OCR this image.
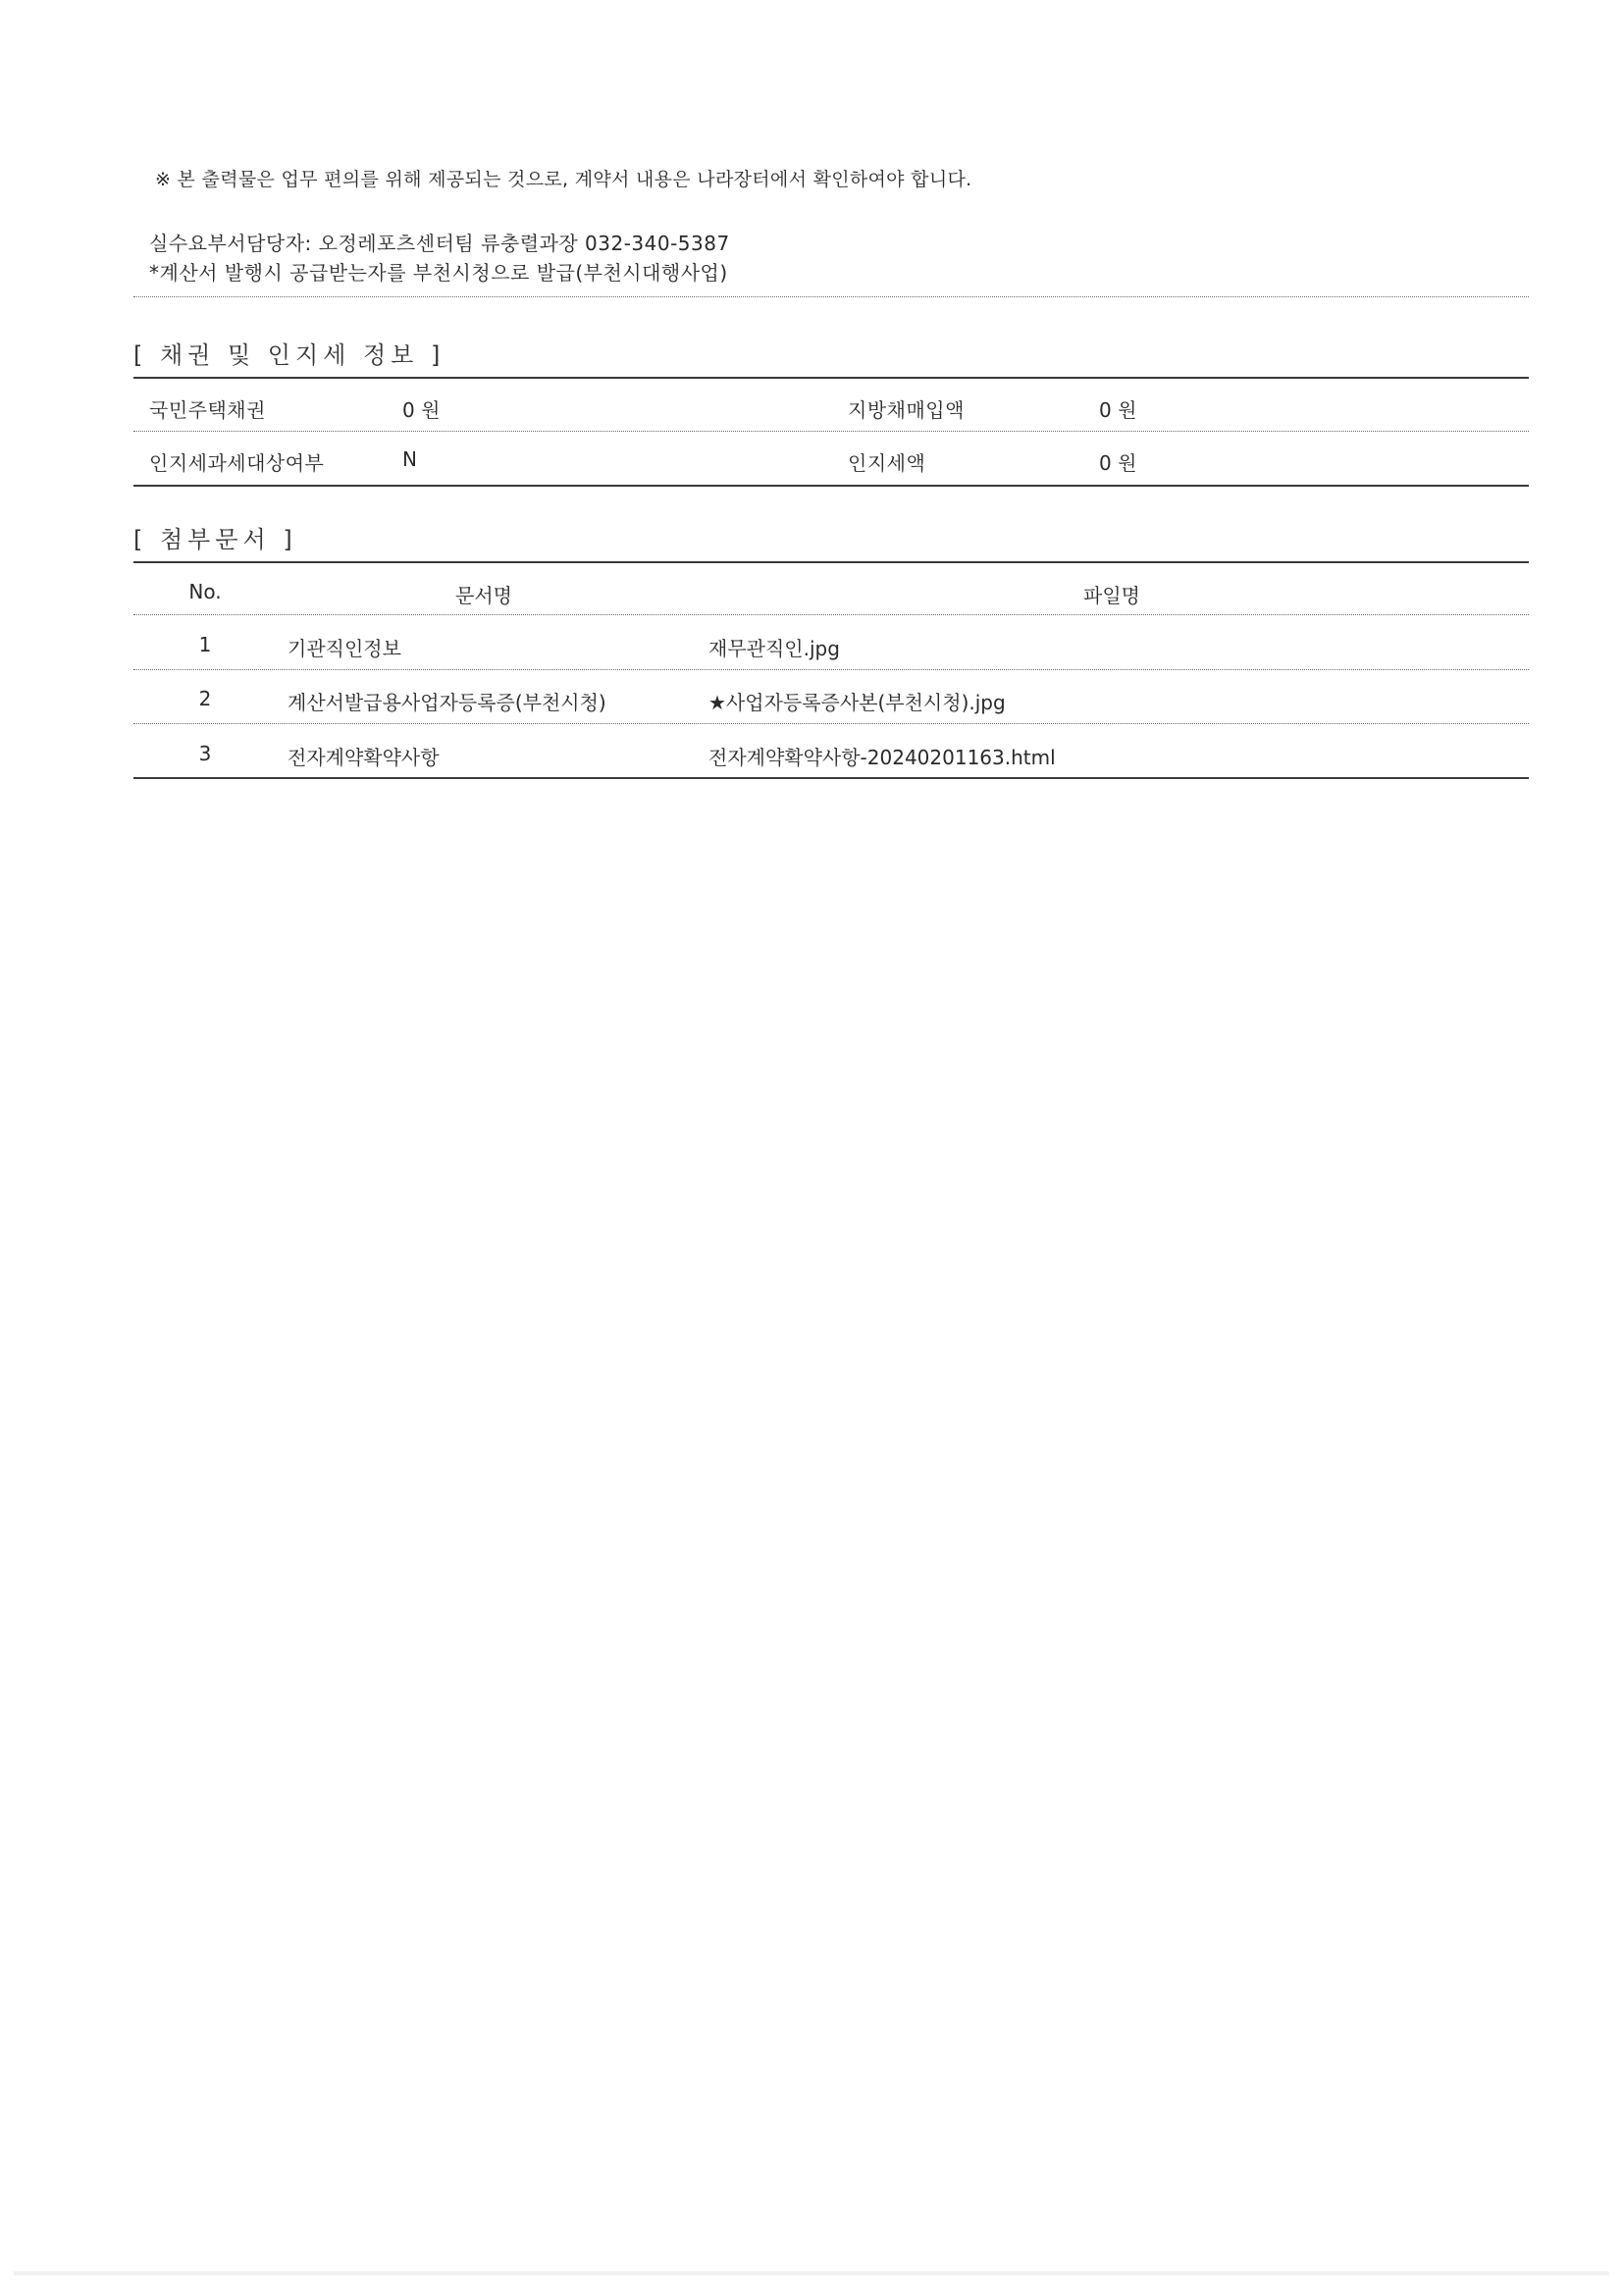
※ 본 출력물은 업무 편의를 위해 제공되는 것으로, 계약서 내용은 나라장터에서 확인하여야 합니다.
실수요부서담당자: 오정레포츠센터팀 류충렬과장 032-340-5387
*계산서 발행시 공급받는자를 부천시청으로 발급(부천시대행사업)
[ 채권 및 인지세 정보 ]
국민주택채권	0 원	지방채매입액	0 원
인지세과세대상여부	N	인지세액	0 원
[ 첨부문서 ]
No.	문서명	파일명
1	기관직인정보	재무관직인.jpg
2	계산서발급용사업자등록증(부천시청)	★사업자등록증사본(부천시청).jpg
3	전자계약확약사항	전자계약확약사항-20240201163.html
